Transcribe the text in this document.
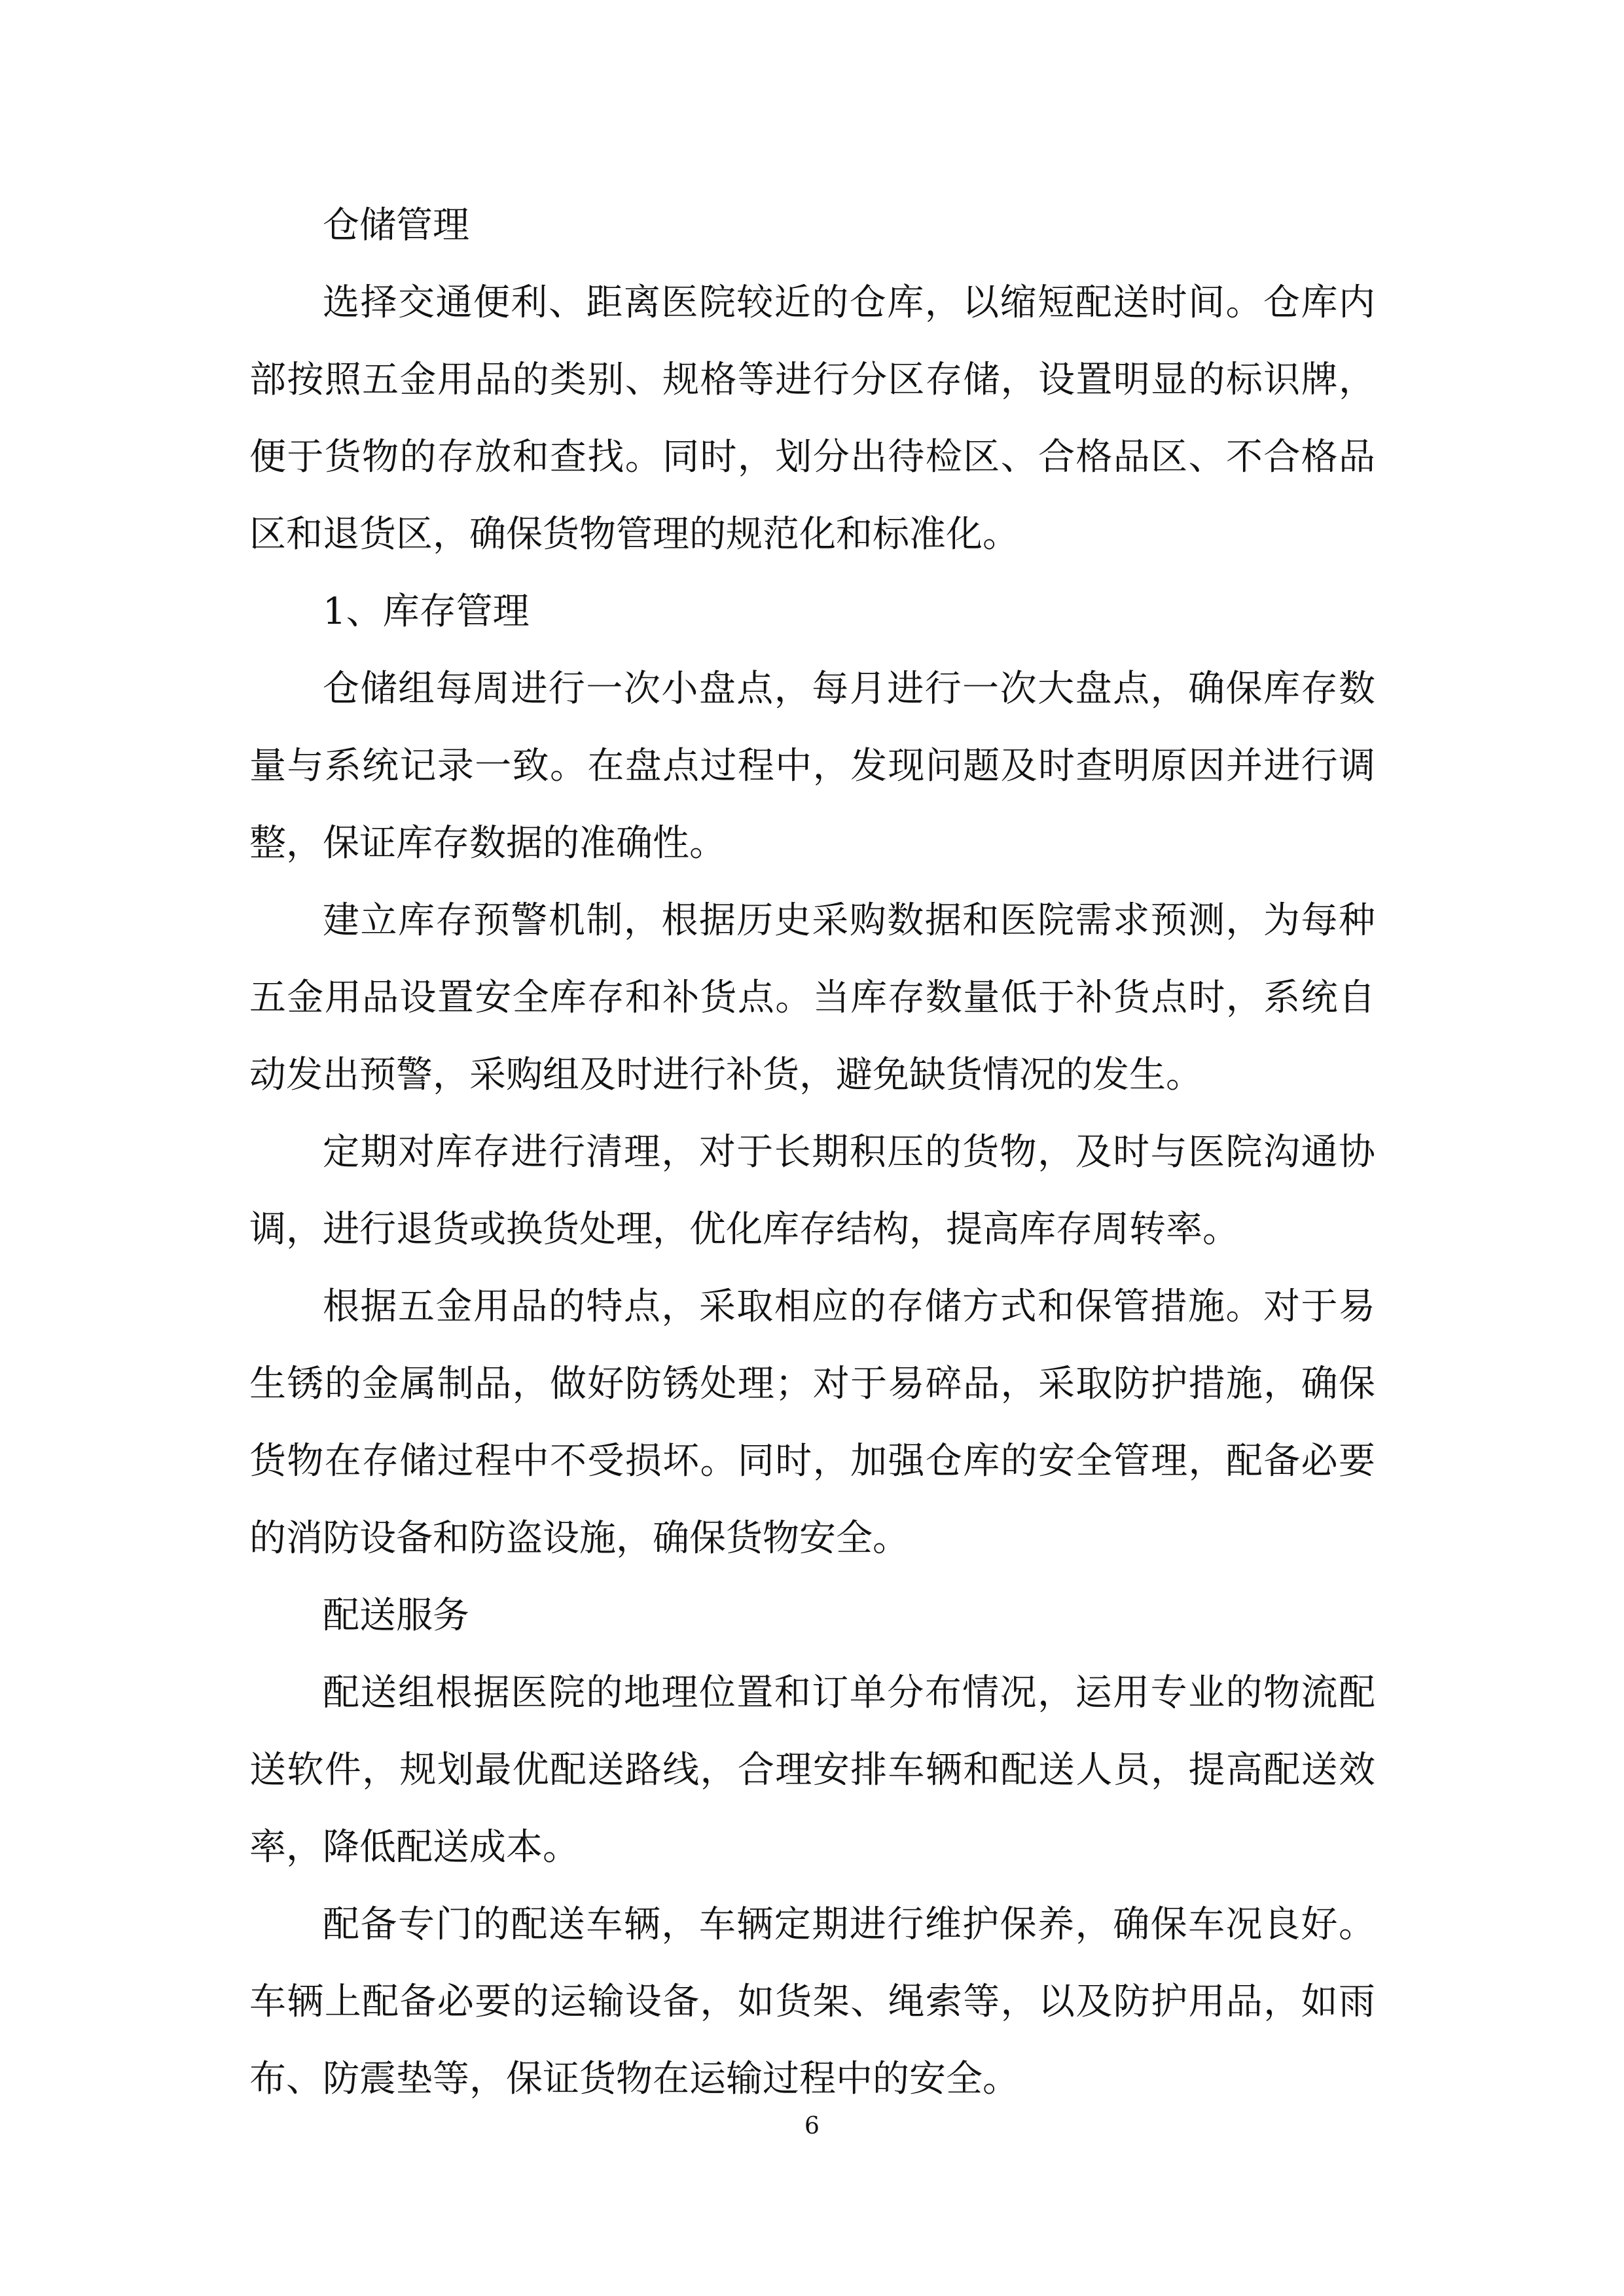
仓储管理

选择交通便利、距离医院较近的仓库，以缩短配送时间。仓库内部按照五金用品的类别、规格等进行分区存储，设置明显的标识牌，便于货物的存放和查找。同时，划分出待检区、合格品区、不合格品区和退货区，确保货物管理的规范化和标准化。

1、库存管理

仓储组每周进行一次小盘点，每月进行一次大盘点，确保库存数量与系统记录一致。在盘点过程中，发现问题及时查明原因并进行调整，保证库存数据的准确性。

建立库存预警机制，根据历史采购数据和医院需求预测，为每种五金用品设置安全库存和补货点。当库存数量低于补货点时，系统自动发出预警，采购组及时进行补货，避免缺货情况的发生。

定期对库存进行清理，对于长期积压的货物，及时与医院沟通协调，进行退货或换货处理，优化库存结构，提高库存周转率。

根据五金用品的特点，采取相应的存储方式和保管措施。对于易生锈的金属制品，做好防锈处理；对于易碎品，采取防护措施，确保货物在存储过程中不受损坏。同时，加强仓库的安全管理，配备必要的消防设备和防盗设施，确保货物安全。

配送服务

配送组根据医院的地理位置和订单分布情况，运用专业的物流配送软件，规划最优配送路线，合理安排车辆和配送人员，提高配送效率，降低配送成本。

配备专门的配送车辆，车辆定期进行维护保养，确保车况良好。车辆上配备必要的运输设备，如货架、绳索等，以及防护用品，如雨布、防震垫等，保证货物在运输过程中的安全。

6
